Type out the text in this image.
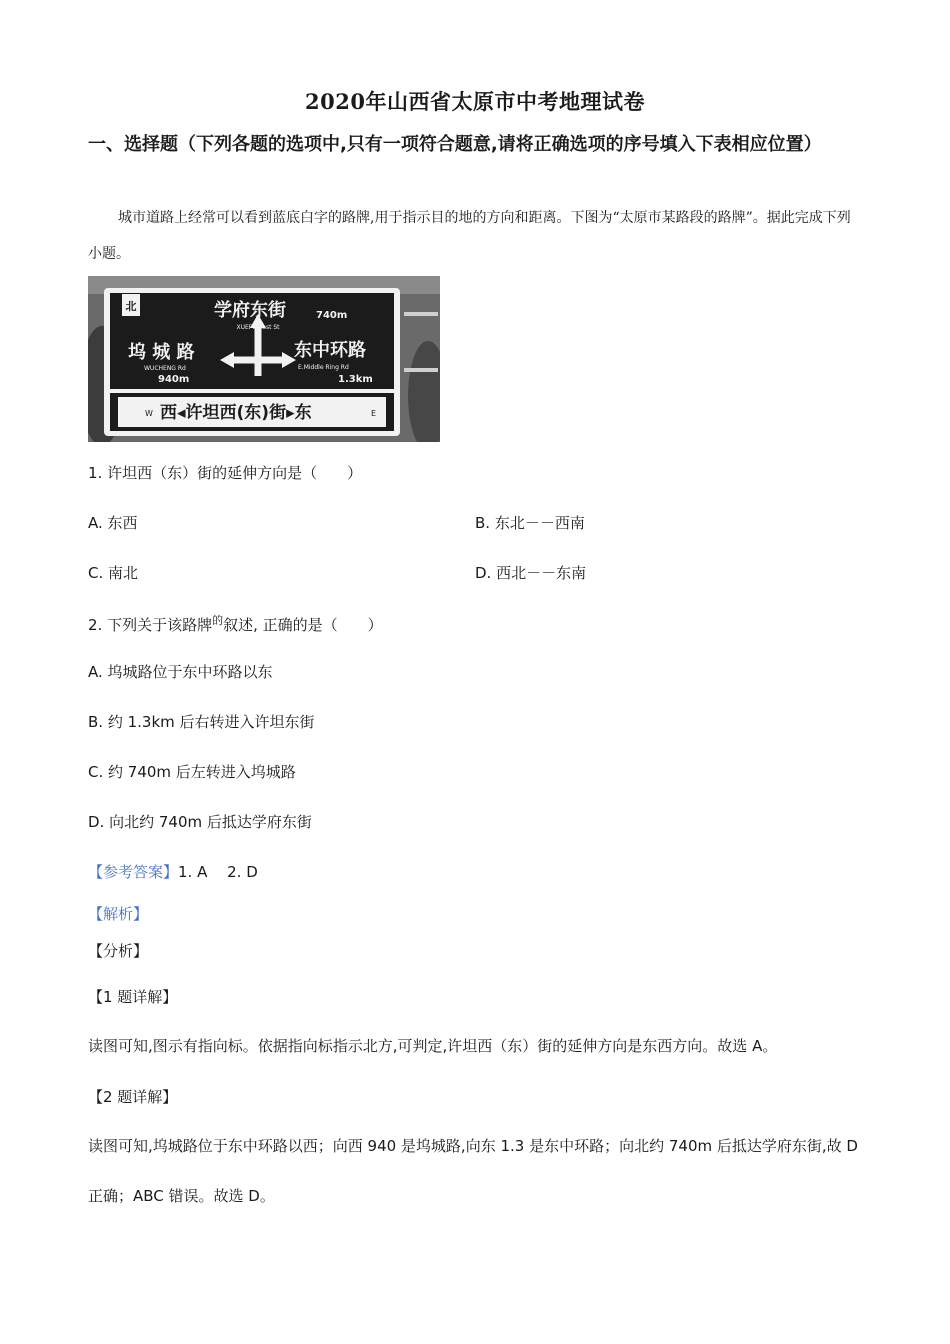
2020年山西省太原市中考地理试卷
一、选择题（下列各题的选项中,只有一项符合题意,请将正确选项的序号填入下表相应位置）
城市道路上经常可以看到蓝底白字的路牌,用于指示目的地的方向和距离。下图为“太原市某路段的路牌”。据此完成下列小题。
北	学府东街	740m
XUEFU East St
坞 城 路
WUCHENG Rd
940m
东中环路
E.Middle Ring Rd
1.3km
W 西◂许坦西(东)街▸东	E
1. 许坦西（东）街的延伸方向是（　　）
A. 东西	B. 东北－－西南
C. 南北	D. 西北－－东南
2. 下列关于该路牌$^的$叙述, 正确的是（　　）
A. 坞城路位于东中环路以东
B. 约 1.3km 后右转进入许坦东街
C. 约 740m 后左转进入坞城路
D. 向北约 740m 后抵达学府东街
【参考答案】1. A　 2. D
【解析】
【分析】
【1 题详解】
读图可知,图示有指向标。依据指向标指示北方,可判定,许坦西（东）街的延伸方向是东西方向。故选 A。
【2 题详解】
读图可知,坞城路位于东中环路以西；向西 940 是坞城路,向东 1.3 是东中环路；向北约 740m 后抵达学府东街,故 D 正确；ABC 错误。故选 D。
